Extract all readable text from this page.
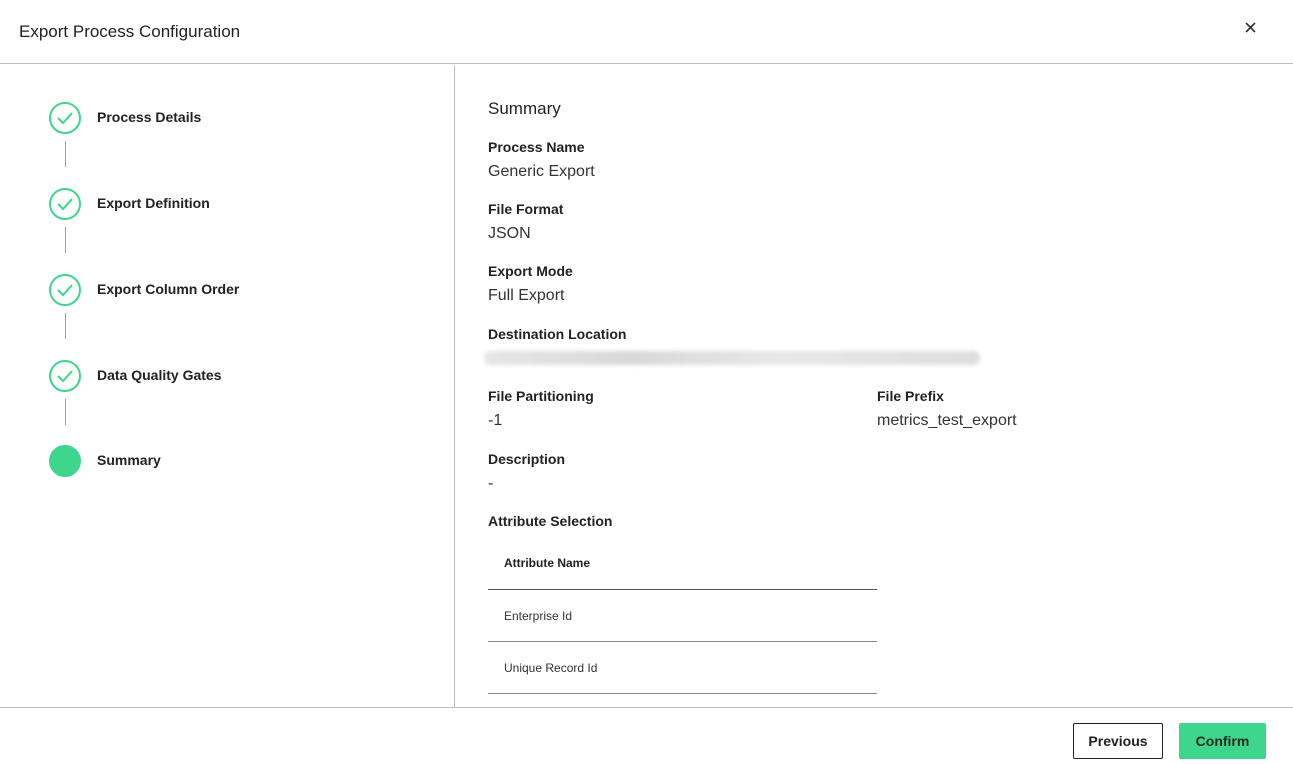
Export Process Configuration
Process Details
Export Definition
Export Column Order
Data Quality Gates
Summary
Summary
Process Name
Generic Export
File Format
JSON
Export Mode
Full Export
Destination Location
File Partitioning
-1
File Prefix
metrics_test_export
Description
-
Attribute Selection
Attribute Name
Enterprise Id
Unique Record Id
Previous	Confirm
